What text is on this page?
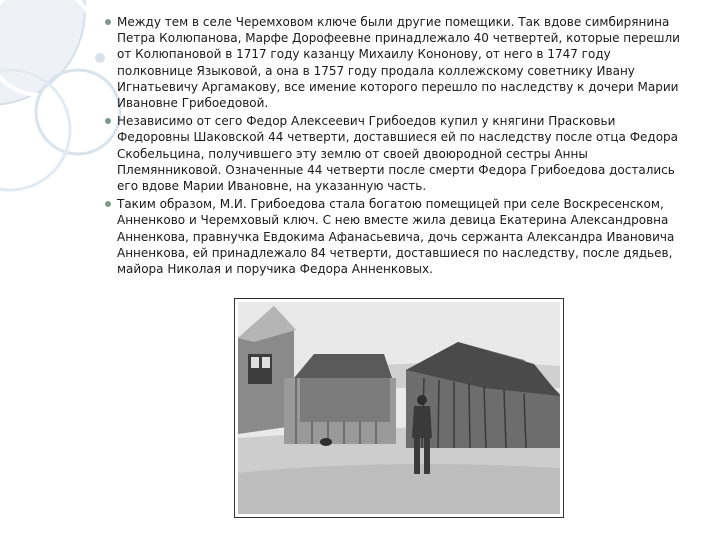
Между тем в селе Черемховом ключе были другие помещики. Так вдове симбирянина Петра Колюпанова, Марфе Дорофеевне принадлежало 40 четвертей, которые перешли от Колюпановой в 1717 году казанцу Михаилу Кононову, от него в 1747 году полковнице Языковой, а она в 1757 году продала коллежскому советнику Ивану Игнатьевичу Аргамакову, все имение которого перешло по наследству к дочери Марии Ивановне Грибоедовой.
Независимо от сего Федор Алексеевич Грибоедов купил у княгини Прасковьи Федоровны Шаковской 44 четверти, доставшиеся ей по наследству после отца Федора Скобельцина, получившего эту землю от своей двоюродной сестры Анны Племянниковой. Означенные 44 четверти после смерти Федора Грибоедова достались его вдове Марии Ивановне, на указанную часть.
Таким образом, М.И. Грибоедова стала богатою помещицей при селе Воскресенском, Анненково и Черемховый ключ. С нею вместе жила девица Екатерина Александровна Анненкова, правнучка Евдокима Афанасьевича, дочь сержанта Александра Ивановича Анненкова, ей принадлежало 84 четверти, доставшиеся по наследству, после дядьев, майора Николая и поручика Федора Анненковых.
